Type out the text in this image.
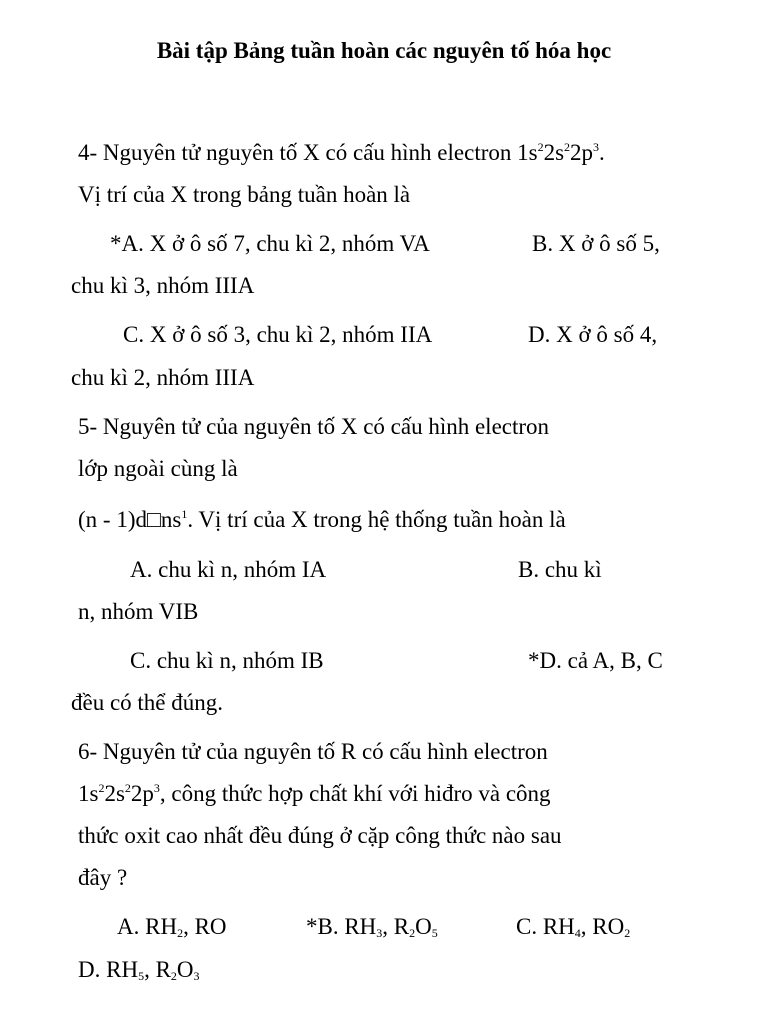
Bài tập Bảng tuần hoàn các nguyên tố hóa học
4- Nguyên tử nguyên tố X có cấu hình electron $1s^22s^22p^3$.
Vị trí của X trong bảng tuần hoàn là
*A. X ở ô số 7, chu kì 2, nhóm VA	B. X ở ô số 5,
chu kì 3, nhóm IIIA
C. X ở ô số 3, chu kì 2, nhóm IIA	D. X ở ô số 4,
chu kì 2, nhóm IIIA
5- Nguyên tử của nguyên tố X có cấu hình electron
lớp ngoài cùng là
$(n - 1)d□ns^1$. Vị trí của X trong hệ thống tuần hoàn là
A. chu kì n, nhóm IA	B. chu kì
n, nhóm VIB
C. chu kì n, nhóm IB	*D. cả A, B, C
đều có thể đúng.
6- Nguyên tử của nguyên tố R có cấu hình electron
$1s^22s^22p^3$, công thức hợp chất khí với hiđro và công
thức oxit cao nhất đều đúng ở cặp công thức nào sau
đây ?
A. $RH_2$, RO	*B. $RH_3$, $R_2O_5$	C. $RH_4$, $RO_2$
D. $RH_5$, $R_2O_3$
